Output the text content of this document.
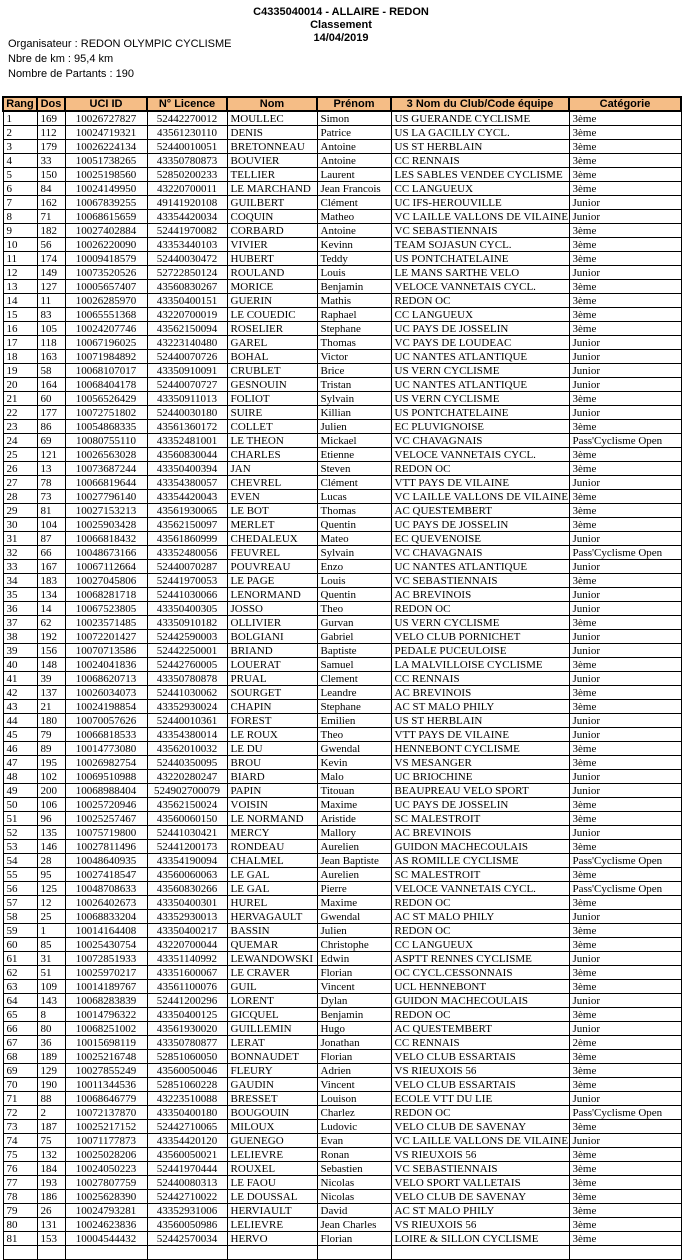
C4335040014 - ALLAIRE - REDON
Classement
14/04/2019
Organisateur : REDON OLYMPIC CYCLISME
Nbre de km : 95,4 km
Nombre de Partants : 190
Rang	Dos	UCI ID	N° Licence	Nom	Prénom	3 Nom du Club/Code équipe	Catégorie
1	169	10026727827	52442270012	MOULLEC	Simon	US GUERANDE CYCLISME	3ème
2	112	10024719321	43561230110	DENIS	Patrice	US LA GACILLY CYCL.	3ème
3	179	10026224134	52440010051	BRETONNEAU	Antoine	US ST HERBLAIN	3ème
4	33	10051738265	43350780873	BOUVIER	Antoine	CC RENNAIS	3ème
5	150	10025198560	52850200233	TELLIER	Laurent	LES SABLES VENDEE CYCLISME	3ème
6	84	10024149950	43220700011	LE MARCHAND	Jean Francois	CC LANGUEUX	3ème
7	162	10067839255	49141920108	GUILBERT	Clément	UC IFS-HEROUVILLE	Junior
8	71	10068615659	43354420034	COQUIN	Matheo	VC LAILLE VALLONS DE VILAINE	Junior
9	182	10027402884	52441970082	CORBARD	Antoine	VC SEBASTIENNAIS	3ème
10	56	10026220090	43353440103	VIVIER	Kevinn	TEAM SOJASUN CYCL.	3ème
11	174	10009418579	52440030472	HUBERT	Teddy	US PONTCHATELAINE	3ème
12	149	10073520526	52722850124	ROULAND	Louis	LE MANS SARTHE VELO	Junior
13	127	10005657407	43560830267	MORICE	Benjamin	VELOCE VANNETAIS CYCL.	3ème
14	11	10026285970	43350400151	GUERIN	Mathis	REDON OC	3ème
15	83	10065551368	43220700019	LE COUEDIC	Raphael	CC LANGUEUX	3ème
16	105	10024207746	43562150094	ROSELIER	Stephane	UC PAYS DE JOSSELIN	3ème
17	118	10067196025	43223140480	GAREL	Thomas	VC PAYS DE LOUDEAC	Junior
18	163	10071984892	52440070726	BOHAL	Victor	UC NANTES ATLANTIQUE	Junior
19	58	10068107017	43350910091	CRUBLET	Brice	US VERN CYCLISME	Junior
20	164	10068404178	52440070727	GESNOUIN	Tristan	UC NANTES ATLANTIQUE	Junior
21	60	10056526429	43350911013	FOLIOT	Sylvain	US VERN CYCLISME	3ème
22	177	10072751802	52440030180	SUIRE	Killian	US PONTCHATELAINE	Junior
23	86	10054868335	43561360172	COLLET	Julien	EC PLUVIGNOISE	3ème
24	69	10080755110	43352481001	LE THEON	Mickael	VC CHAVAGNAIS	Pass'Cyclisme Open
25	121	10026563028	43560830044	CHARLES	Etienne	VELOCE VANNETAIS CYCL.	3ème
26	13	10073687244	43350400394	JAN	Steven	REDON OC	3ème
27	78	10066819644	43354380057	CHEVREL	Clément	VTT PAYS DE VILAINE	Junior
28	73	10027796140	43354420043	EVEN	Lucas	VC LAILLE VALLONS DE VILAINE	3ème
29	81	10027153213	43561930065	LE BOT	Thomas	AC QUESTEMBERT	3ème
30	104	10025903428	43562150097	MERLET	Quentin	UC PAYS DE JOSSELIN	3ème
31	87	10066818432	43561860999	CHEDALEUX	Mateo	EC QUEVENOISE	Junior
32	66	10048673166	43352480056	FEUVREL	Sylvain	VC CHAVAGNAIS	Pass'Cyclisme Open
33	167	10067112664	52440070287	POUVREAU	Enzo	UC NANTES ATLANTIQUE	Junior
34	183	10027045806	52441970053	LE PAGE	Louis	VC SEBASTIENNAIS	3ème
35	134	10068281718	52441030066	LENORMAND	Quentin	AC BREVINOIS	Junior
36	14	10067523805	43350400305	JOSSO	Theo	REDON OC	Junior
37	62	10023571485	43350910182	OLLIVIER	Gurvan	US VERN CYCLISME	3ème
38	192	10072201427	52442590003	BOLGIANI	Gabriel	VELO CLUB PORNICHET	Junior
39	156	10070713586	52442250001	BRIAND	Baptiste	PEDALE PUCEULOISE	Junior
40	148	10024041836	52442760005	LOUERAT	Samuel	LA MALVILLOISE CYCLISME	3ème
41	39	10068620713	43350780878	PRUAL	Clement	CC RENNAIS	Junior
42	137	10026034073	52441030062	SOURGET	Leandre	AC BREVINOIS	3ème
43	21	10024198854	43352930024	CHAPIN	Stephane	AC ST MALO PHILY	3ème
44	180	10070057626	52440010361	FOREST	Emilien	US ST HERBLAIN	Junior
45	79	10066818533	43354380014	LE ROUX	Theo	VTT PAYS DE VILAINE	Junior
46	89	10014773080	43562010032	LE DU	Gwendal	HENNEBONT CYCLISME	3ème
47	195	10026982754	52440350095	BROU	Kevin	VS MESANGER	3ème
48	102	10069510988	43220280247	BIARD	Malo	UC BRIOCHINE	Junior
49	200	10068988404	524902700079	PAPIN	Titouan	BEAUPREAU VELO SPORT	Junior
50	106	10025720946	43562150024	VOISIN	Maxime	UC PAYS DE JOSSELIN	3ème
51	96	10025257467	43560060150	LE NORMAND	Aristide	SC MALESTROIT	3ème
52	135	10075719800	52441030421	MERCY	Mallory	AC BREVINOIS	Junior
53	146	10027811496	52441200173	RONDEAU	Aurelien	GUIDON MACHECOULAIS	3ème
54	28	10048640935	43354190094	CHALMEL	Jean Baptiste	AS ROMILLE CYCLISME	Pass'Cyclisme Open
55	95	10027418547	43560060063	LE GAL	Aurelien	SC MALESTROIT	3ème
56	125	10048708633	43560830266	LE GAL	Pierre	VELOCE VANNETAIS CYCL.	Pass'Cyclisme Open
57	12	10026402673	43350400301	HUREL	Maxime	REDON OC	3ème
58	25	10068833204	43352930013	HERVAGAULT	Gwendal	AC ST MALO PHILY	Junior
59	1	10014164408	43350400217	BASSIN	Julien	REDON OC	3ème
60	85	10025430754	43220700044	QUEMAR	Christophe	CC LANGUEUX	3ème
61	31	10072851933	43351140992	LEWANDOWSKI	Edwin	ASPTT RENNES CYCLISME	Junior
62	51	10025970217	43351600067	LE CRAVER	Florian	OC CYCL.CESSONNAIS	3ème
63	109	10014189767	43561100076	GUIL	Vincent	UCL HENNEBONT	3ème
64	143	10068283839	52441200296	LORENT	Dylan	GUIDON MACHECOULAIS	Junior
65	8	10014796322	43350400125	GICQUEL	Benjamin	REDON OC	3ème
66	80	10068251002	43561930020	GUILLEMIN	Hugo	AC QUESTEMBERT	Junior
67	36	10015698119	43350780877	LERAT	Jonathan	CC RENNAIS	2ème
68	189	10025216748	52851060050	BONNAUDET	Florian	VELO CLUB ESSARTAIS	3ème
69	129	10027855249	43560050046	FLEURY	Adrien	VS RIEUXOIS 56	3ème
70	190	10011344536	52851060228	GAUDIN	Vincent	VELO CLUB ESSARTAIS	3ème
71	88	10068646779	43223510088	BRESSET	Louison	ECOLE VTT DU LIE	Junior
72	2	10072137870	43350400180	BOUGOUIN	Charlez	REDON OC	Pass'Cyclisme Open
73	187	10025217152	52442710065	MILOUX	Ludovic	VELO CLUB DE SAVENAY	3ème
74	75	10071177873	43354420120	GUENEGO	Evan	VC LAILLE VALLONS DE VILAINE	Junior
75	132	10025028206	43560050021	LELIEVRE	Ronan	VS RIEUXOIS 56	3ème
76	184	10024050223	52441970444	ROUXEL	Sebastien	VC SEBASTIENNAIS	3ème
77	193	10027807759	52440080313	LE FAOU	Nicolas	VELO SPORT VALLETAIS	3ème
78	186	10025628390	52442710022	LE DOUSSAL	Nicolas	VELO CLUB DE SAVENAY	3ème
79	26	10024793281	43352931006	HERVIAULT	David	AC ST MALO PHILY	3ème
80	131	10024623836	43560050986	LELIEVRE	Jean Charles	VS RIEUXOIS 56	3ème
81	153	10004544432	52442570034	HERVO	Florian	LOIRE & SILLON CYCLISME	3ème
